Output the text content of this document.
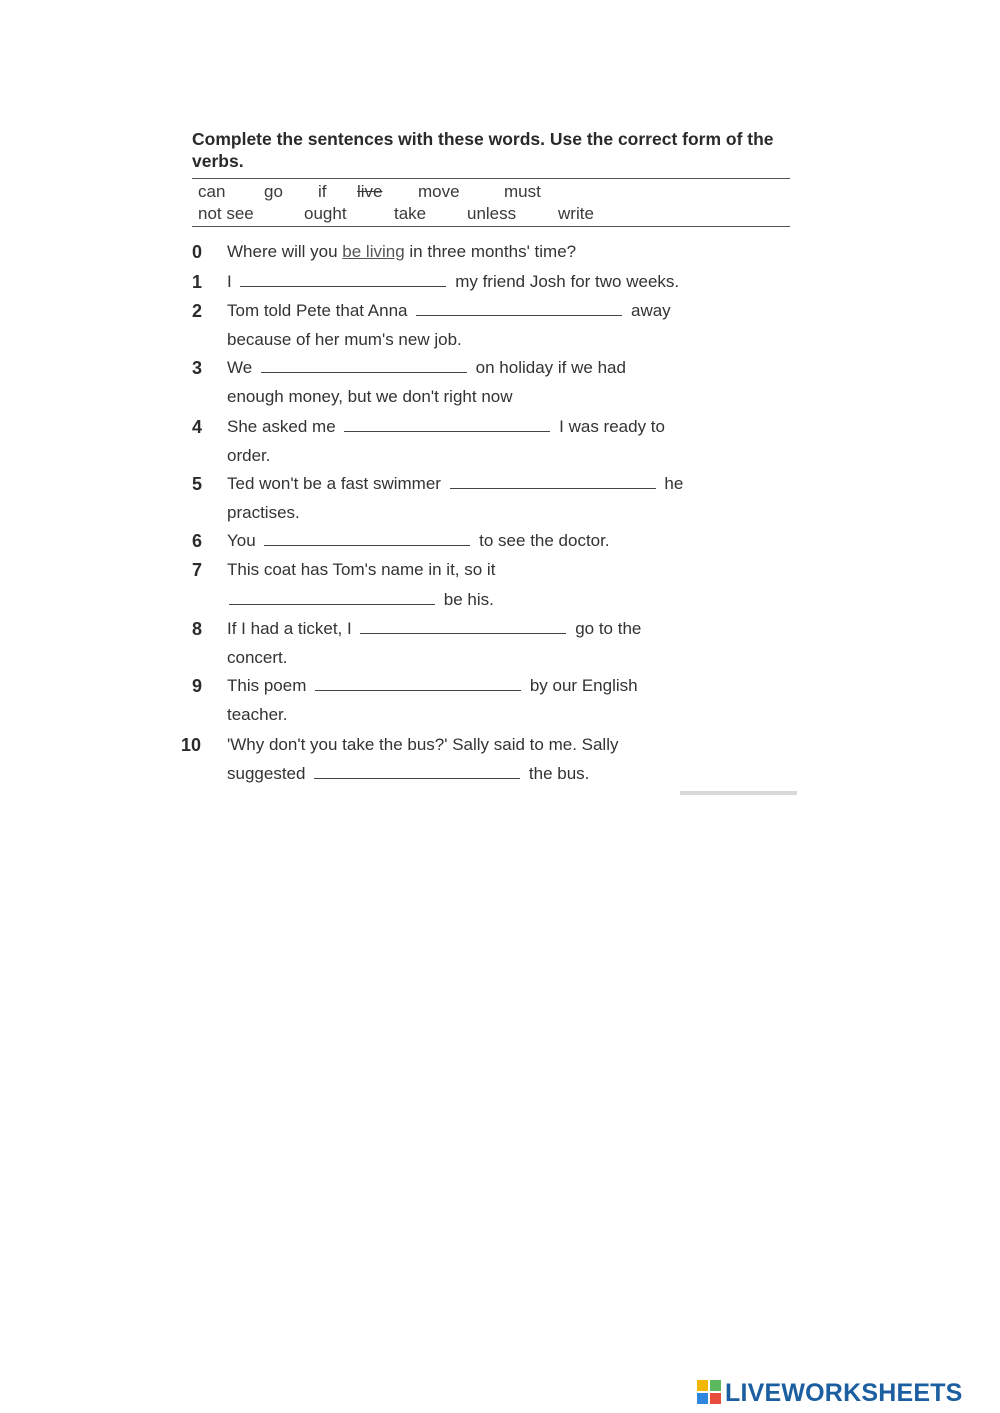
Complete the sentences with these words. Use the correct form of the verbs.
can go if live move	must
not see	ought	take unless write
0 Where will you be living in three months' time?
1 I	my friend Josh for two weeks.
2 Tom told Pete that Anna	away
because of her mum's new job.
3 We	on holiday if we had
enough money, but we don't right now
4 She asked me	I was ready to
order.
5 Ted won't be a fast swimmer	he
practises.
6 You	to see the doctor.
7 This coat has Tom's name in it, so it
be his.
8 If I had a ticket, I	go to the
concert.
9 This poem	by our English
teacher.
10 'Why don't you take the bus?' Sally said to me. Sally
suggested	the bus.
LIVEWORKSHEETS
